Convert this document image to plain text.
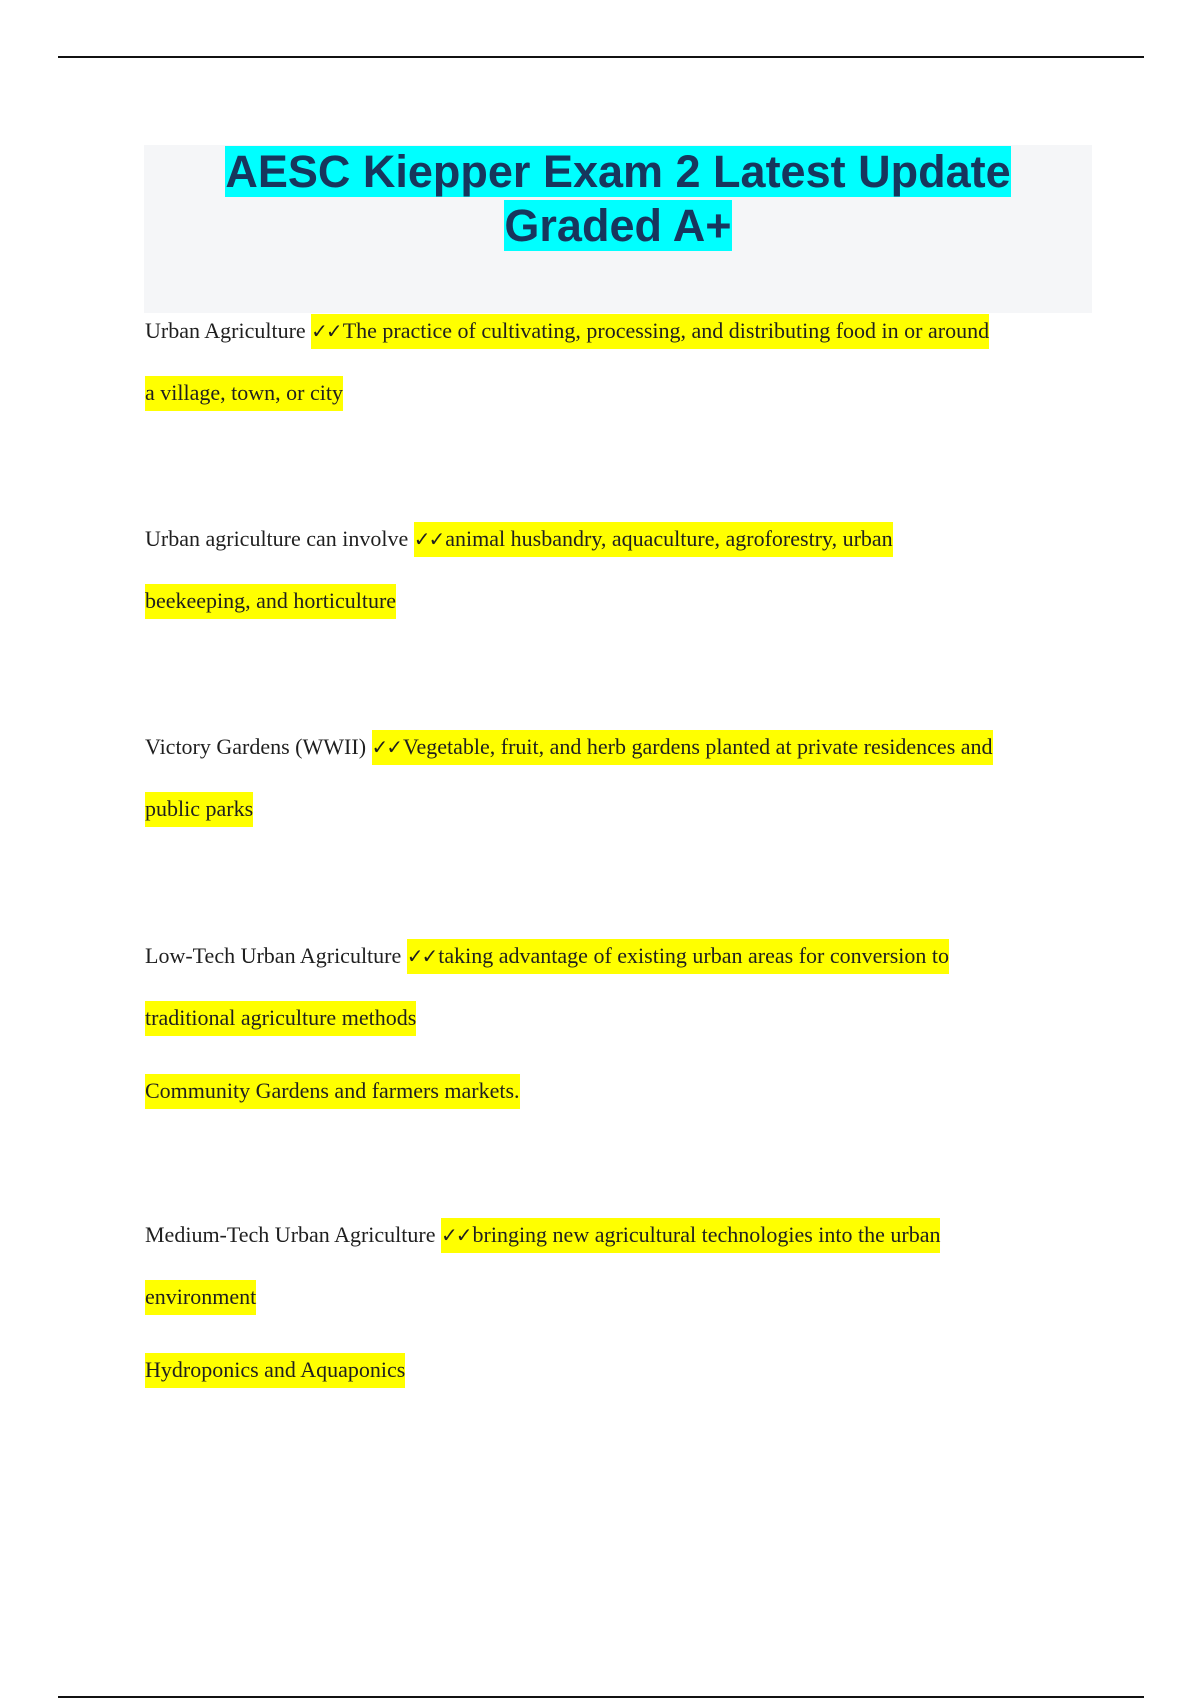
AESC Kiepper Exam 2 Latest Update
Graded A+
Urban Agriculture ✓✓The practice of cultivating, processing, and distributing food in or around
a village, town, or city
Urban agriculture can involve ✓✓animal husbandry, aquaculture, agroforestry, urban
beekeeping, and horticulture
Victory Gardens (WWII) ✓✓Vegetable, fruit, and herb gardens planted at private residences and
public parks
Low-Tech Urban Agriculture ✓✓taking advantage of existing urban areas for conversion to
traditional agriculture methods
Community Gardens and farmers markets.
Medium-Tech Urban Agriculture ✓✓bringing new agricultural technologies into the urban
environment
Hydroponics and Aquaponics
